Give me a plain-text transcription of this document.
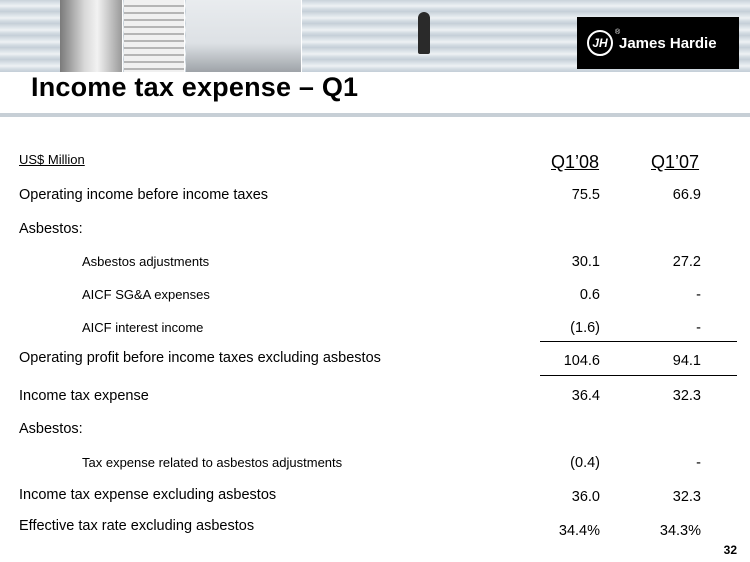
JH
®
James Hardie
Income tax expense – Q1
US$ Million	Q1’08	Q1’07
Operating income before income taxes	75.5	66.9
Asbestos:
Asbestos adjustments	30.1	27.2
AICF SG&A expenses	0.6	-
AICF interest income	(1.6)	-
Operating profit before income taxes excluding asbestos	104.6	94.1
Income tax expense	36.4	32.3
Asbestos:
Tax expense related to asbestos adjustments	(0.4)	-
Income tax expense excluding asbestos	36.0	32.3
Effective tax rate excluding asbestos	34.4%	34.3%
32
